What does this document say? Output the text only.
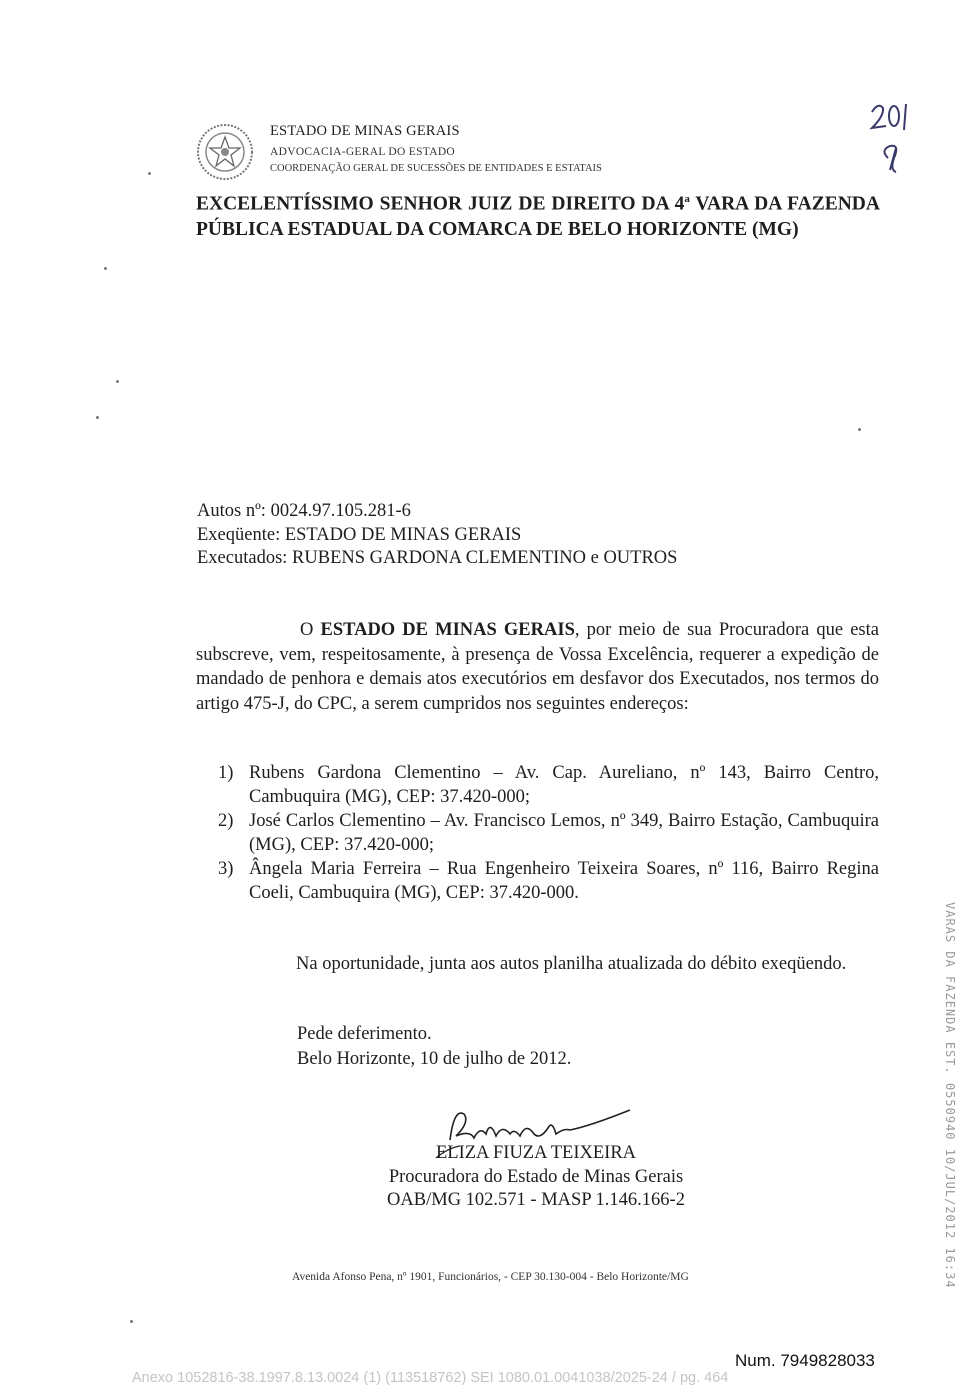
ESTADO DE MINAS GERAIS
ADVOCACIA-GERAL DO ESTADO
COORDENAÇÃO GERAL DE SUCESSÕES DE ENTIDADES E ESTATAIS
EXCELENTÍSSIMO SENHOR JUIZ DE DIREITO DA 4$^a$ VARA DA FAZENDA PÚBLICA ESTADUAL DA COMARCA DE BELO HORIZONTE (MG)
Autos nº: 0024.97.105.281-6
Exeqüente: ESTADO DE MINAS GERAIS
Executados: RUBENS GARDONA CLEMENTINO e OUTROS
O ESTADO DE MINAS GERAIS, por meio de sua Procuradora que esta subscreve, vem, respeitosamente, à presença de Vossa Excelência, requerer a expedição de mandado de penhora e demais atos executórios em desfavor dos Executados, nos termos do artigo 475-J, do CPC, a serem cumpridos nos seguintes endereços:
1) Rubens Gardona Clementino – Av. Cap. Aureliano, nº 143, Bairro Centro, Cambuquira (MG), CEP: 37.420-000;
2) José Carlos Clementino – Av. Francisco Lemos, nº 349, Bairro Estação, Cambuquira (MG), CEP: 37.420-000;
3) Ângela Maria Ferreira – Rua Engenheiro Teixeira Soares, nº 116, Bairro Regina Coeli, Cambuquira (MG), CEP: 37.420-000.
Na oportunidade, junta aos autos planilha atualizada do débito exeqüendo.
Pede deferimento.
Belo Horizonte, 10 de julho de 2012.
ELIZA FIUZA TEIXEIRA
Procuradora do Estado de Minas Gerais
OAB/MG 102.571 - MASP 1.146.166-2
Avenida Afonso Pena, nº 1901, Funcionários, - CEP 30.130-004 - Belo Horizonte/MG	VARAS DA FAZENDA EST. 0550940 10/JUL/2012 16:34
Num. 7949828033
Anexo 1052816-38.1997.8.13.0024 (1) (113518762) SEI 1080.01.0041038/2025-24 / pg. 464
